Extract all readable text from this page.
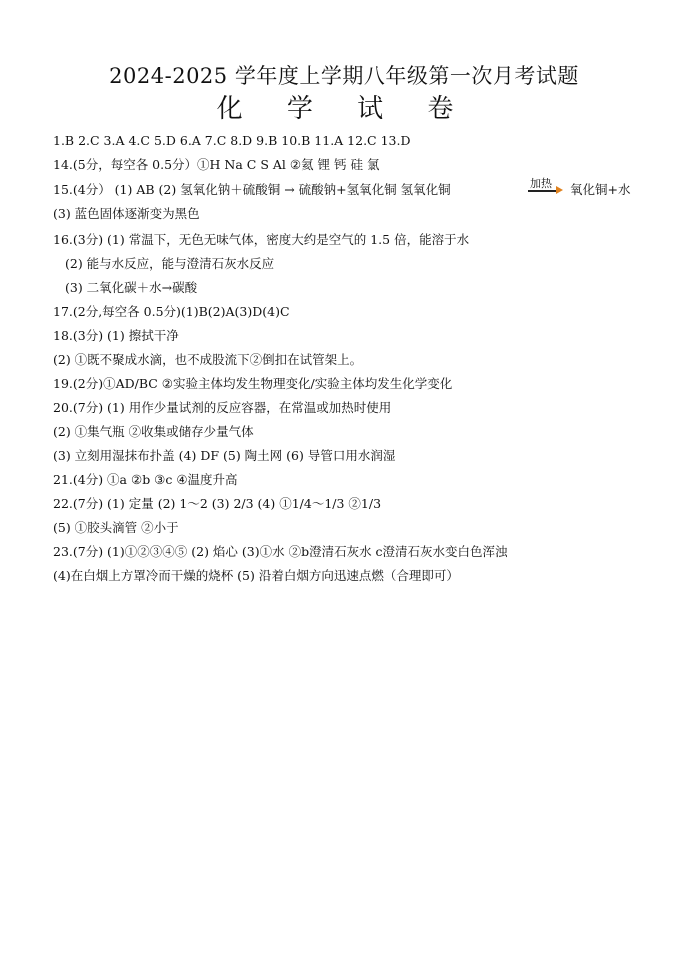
2024-2025 学年度上学期八年级第一次月考试题
化 学 试 卷
1.B 2.C 3.A 4.C 5.D 6.A 7.C 8.D 9.B 10.B 11.A 12.C 13.D
14.(5分，每空各 0.5分）①H Na C S Al ②氦 锂 钙 硅 氯
15.(4分） (1) AB (2) 氢氧化钠＋硫酸铜 → 硫酸钠+氢氧化铜 氢氧化铜	加热 氧化铜+水
(3) 蓝色固体逐渐变为黑色
16.(3分) (1) 常温下，无色无味气体，密度大约是空气的 1.5 倍，能溶于水
(2) 能与水反应，能与澄清石灰水反应
(3) 二氧化碳＋水→碳酸
17.(2分,每空各 0.5分)(1)B(2)A(3)D(4)C
18.(3分) (1) 擦拭干净
(2) ①既不聚成水滴，也不成股流下②倒扣在试管架上。
19.(2分)①AD/BC ②实验主体均发生物理变化/实验主体均发生化学变化
20.(7分) (1) 用作少量试剂的反应容器，在常温或加热时使用
(2) ①集气瓶 ②收集或储存少量气体
(3) 立刻用湿抹布扑盖 (4) DF (5) 陶土网 (6) 导管口用水润湿
21.(4分) ①a ②b ③c ④温度升高
22.(7分) (1) 定量 (2) 1～2 (3) 2/3 (4) ①1/4～1/3 ②1/3
(5) ①胶头滴管 ②小于
23.(7分) (1)①②③④⑤ (2) 焰心 (3)①水 ②b澄清石灰水 c澄清石灰水变白色浑浊
(4)在白烟上方罩冷而干燥的烧杯 (5) 沿着白烟方向迅速点燃（合理即可）
